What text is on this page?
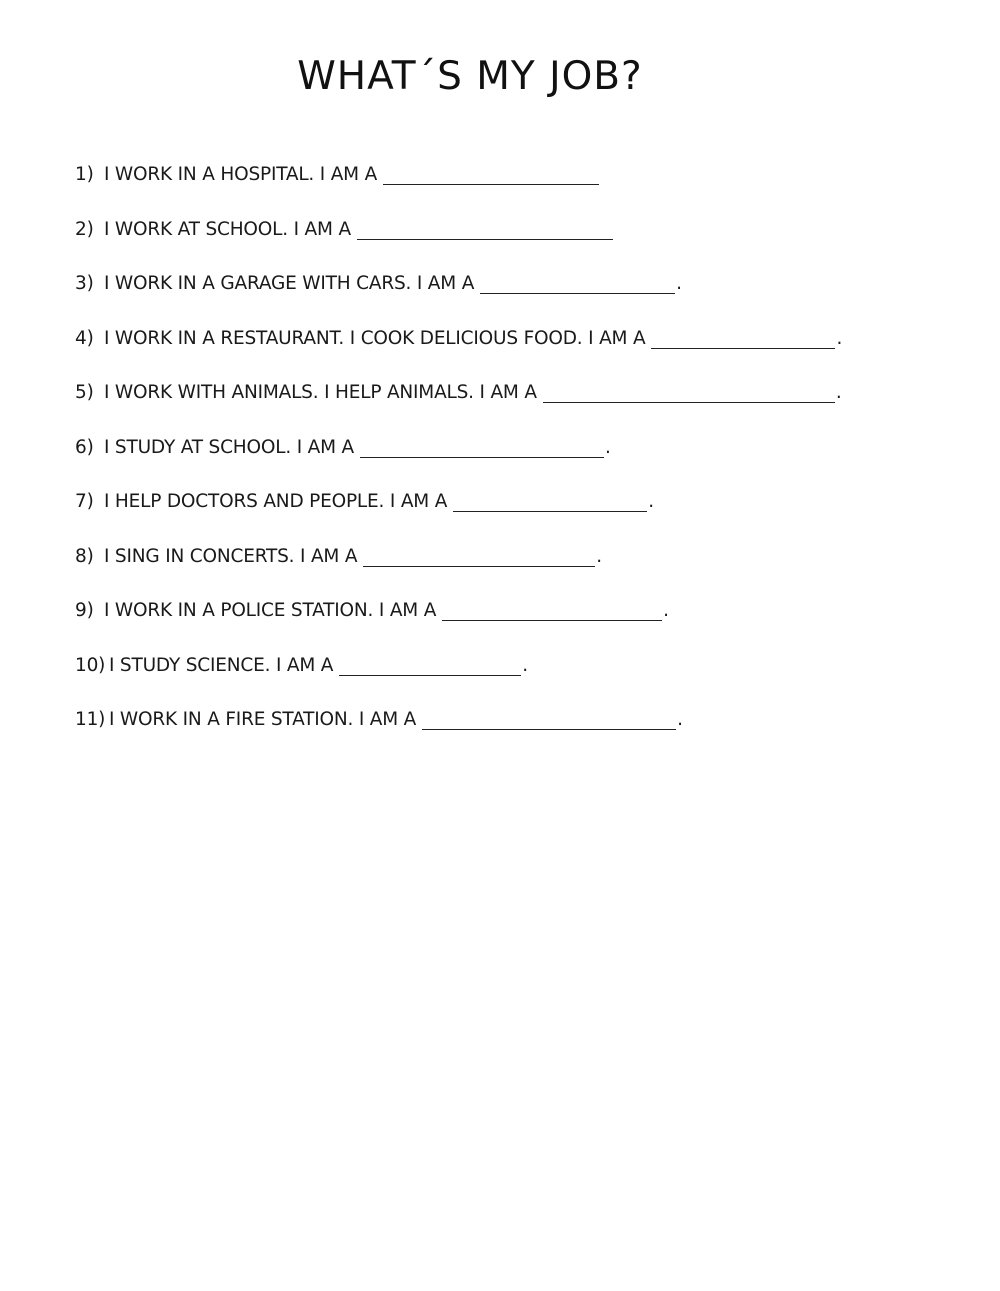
WHAT´S MY JOB?
1) I WORK IN A HOSPITAL. I AM A
2) I WORK AT SCHOOL. I AM A
3) I WORK IN A GARAGE WITH CARS. I AM A	.
4) I WORK IN A RESTAURANT. I COOK DELICIOUS FOOD. I AM A	.
5) I WORK WITH ANIMALS. I HELP ANIMALS. I AM A	.
6) I STUDY AT SCHOOL. I AM A	.
7) I HELP DOCTORS AND PEOPLE. I AM A	.
8) I SING IN CONCERTS. I AM A	.
9) I WORK IN A POLICE STATION. I AM A	.
10) I STUDY SCIENCE. I AM A	.
11) I WORK IN A FIRE STATION. I AM A	.
